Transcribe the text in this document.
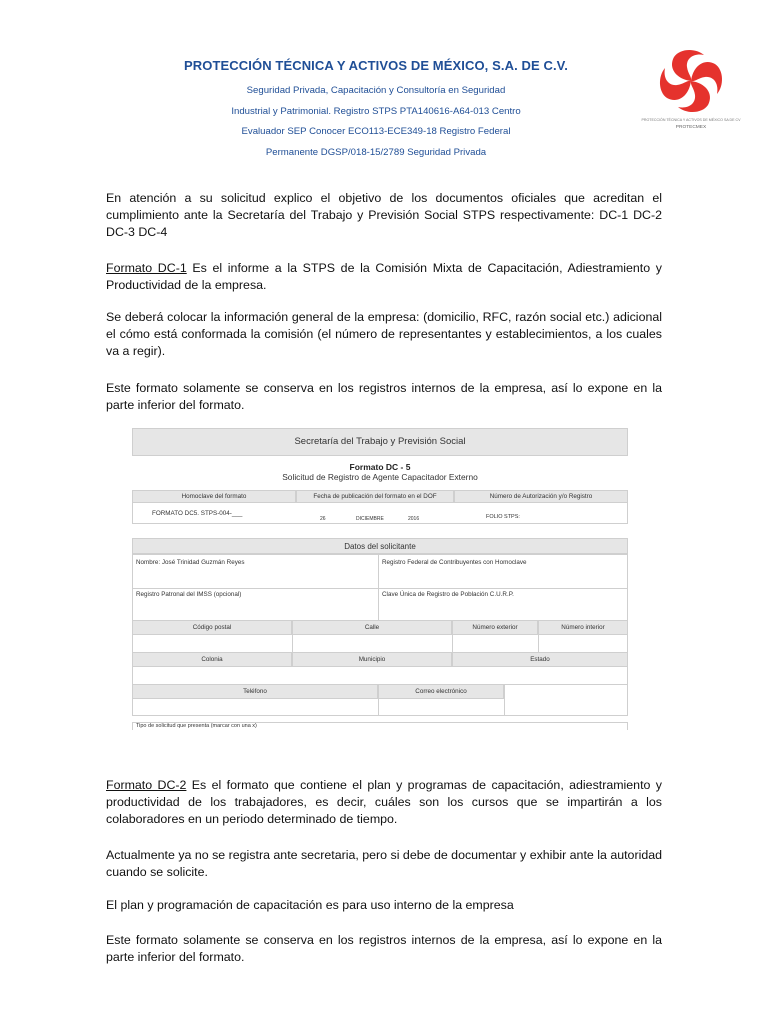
PROTECCIÓN TÉCNICA Y ACTIVOS DE MÉXICO, S.A. DE C.V.
Seguridad Privada, Capacitación y Consultoría en Seguridad
Industrial y Patrimonial. Registro STPS PTA140616-A64-013 Centro
Evaluador SEP Conocer ECO113-ECE349-18 Registro Federal
Permanente DGSP/018-15/2789 Seguridad Privada
PROTECCIÓN TÉCNICA Y ACTIVOS DE MÉXICO SA DE CV
PROTECMEX
En atención a su solicitud explico el objetivo de los documentos oficiales que acreditan el cumplimiento ante la Secretaría del Trabajo y Previsión Social STPS respectivamente: DC-1 DC-2 DC-3 DC-4
Formato DC-1 Es el informe a la STPS de la Comisión Mixta de Capacitación, Adiestramiento y Productividad de la empresa.
Se deberá colocar la información general de la empresa: (domicilio, RFC, razón social etc.) adicional el cómo está conformada la comisión (el número de representantes y establecimientos, a los cuales va a regir).
Este formato solamente se conserva en los registros internos de la empresa, así lo expone en la parte inferior del formato.
Secretaría del Trabajo y Previsión Social
Formato DC - 5
Solicitud de Registro de Agente Capacitador Externo
Homoclave del formato	Fecha de publicación del formato en el DOF	Número de Autorización y/o Registro
FORMATO DC5. STPS-004-___
26	DICIEMBRE	2016	FOLIO STPS:
Datos del solicitante
Nombre: José Trinidad Guzmán Reyes	Registro Federal de Contribuyentes con Homoclave
Registro Patronal del IMSS (opcional)	Clave Única de Registro de Población C.U.R.P.
Código postal	Calle	Número exterior	Número interior
Colonia	Municipio	Estado
Teléfono	Correo electrónico
Tipo de solicitud que presenta (marcar con una x)
Formato DC-2 Es el formato que contiene el plan y programas de capacitación, adiestramiento y productividad de los trabajadores, es decir, cuáles son los cursos que se impartirán a los colaboradores en un periodo determinado de tiempo.
Actualmente ya no se registra ante secretaria, pero si debe de documentar y exhibir ante la autoridad cuando se solicite.
El plan y programación de capacitación es para uso interno de la empresa
Este formato solamente se conserva en los registros internos de la empresa, así lo expone en la parte inferior del formato.
